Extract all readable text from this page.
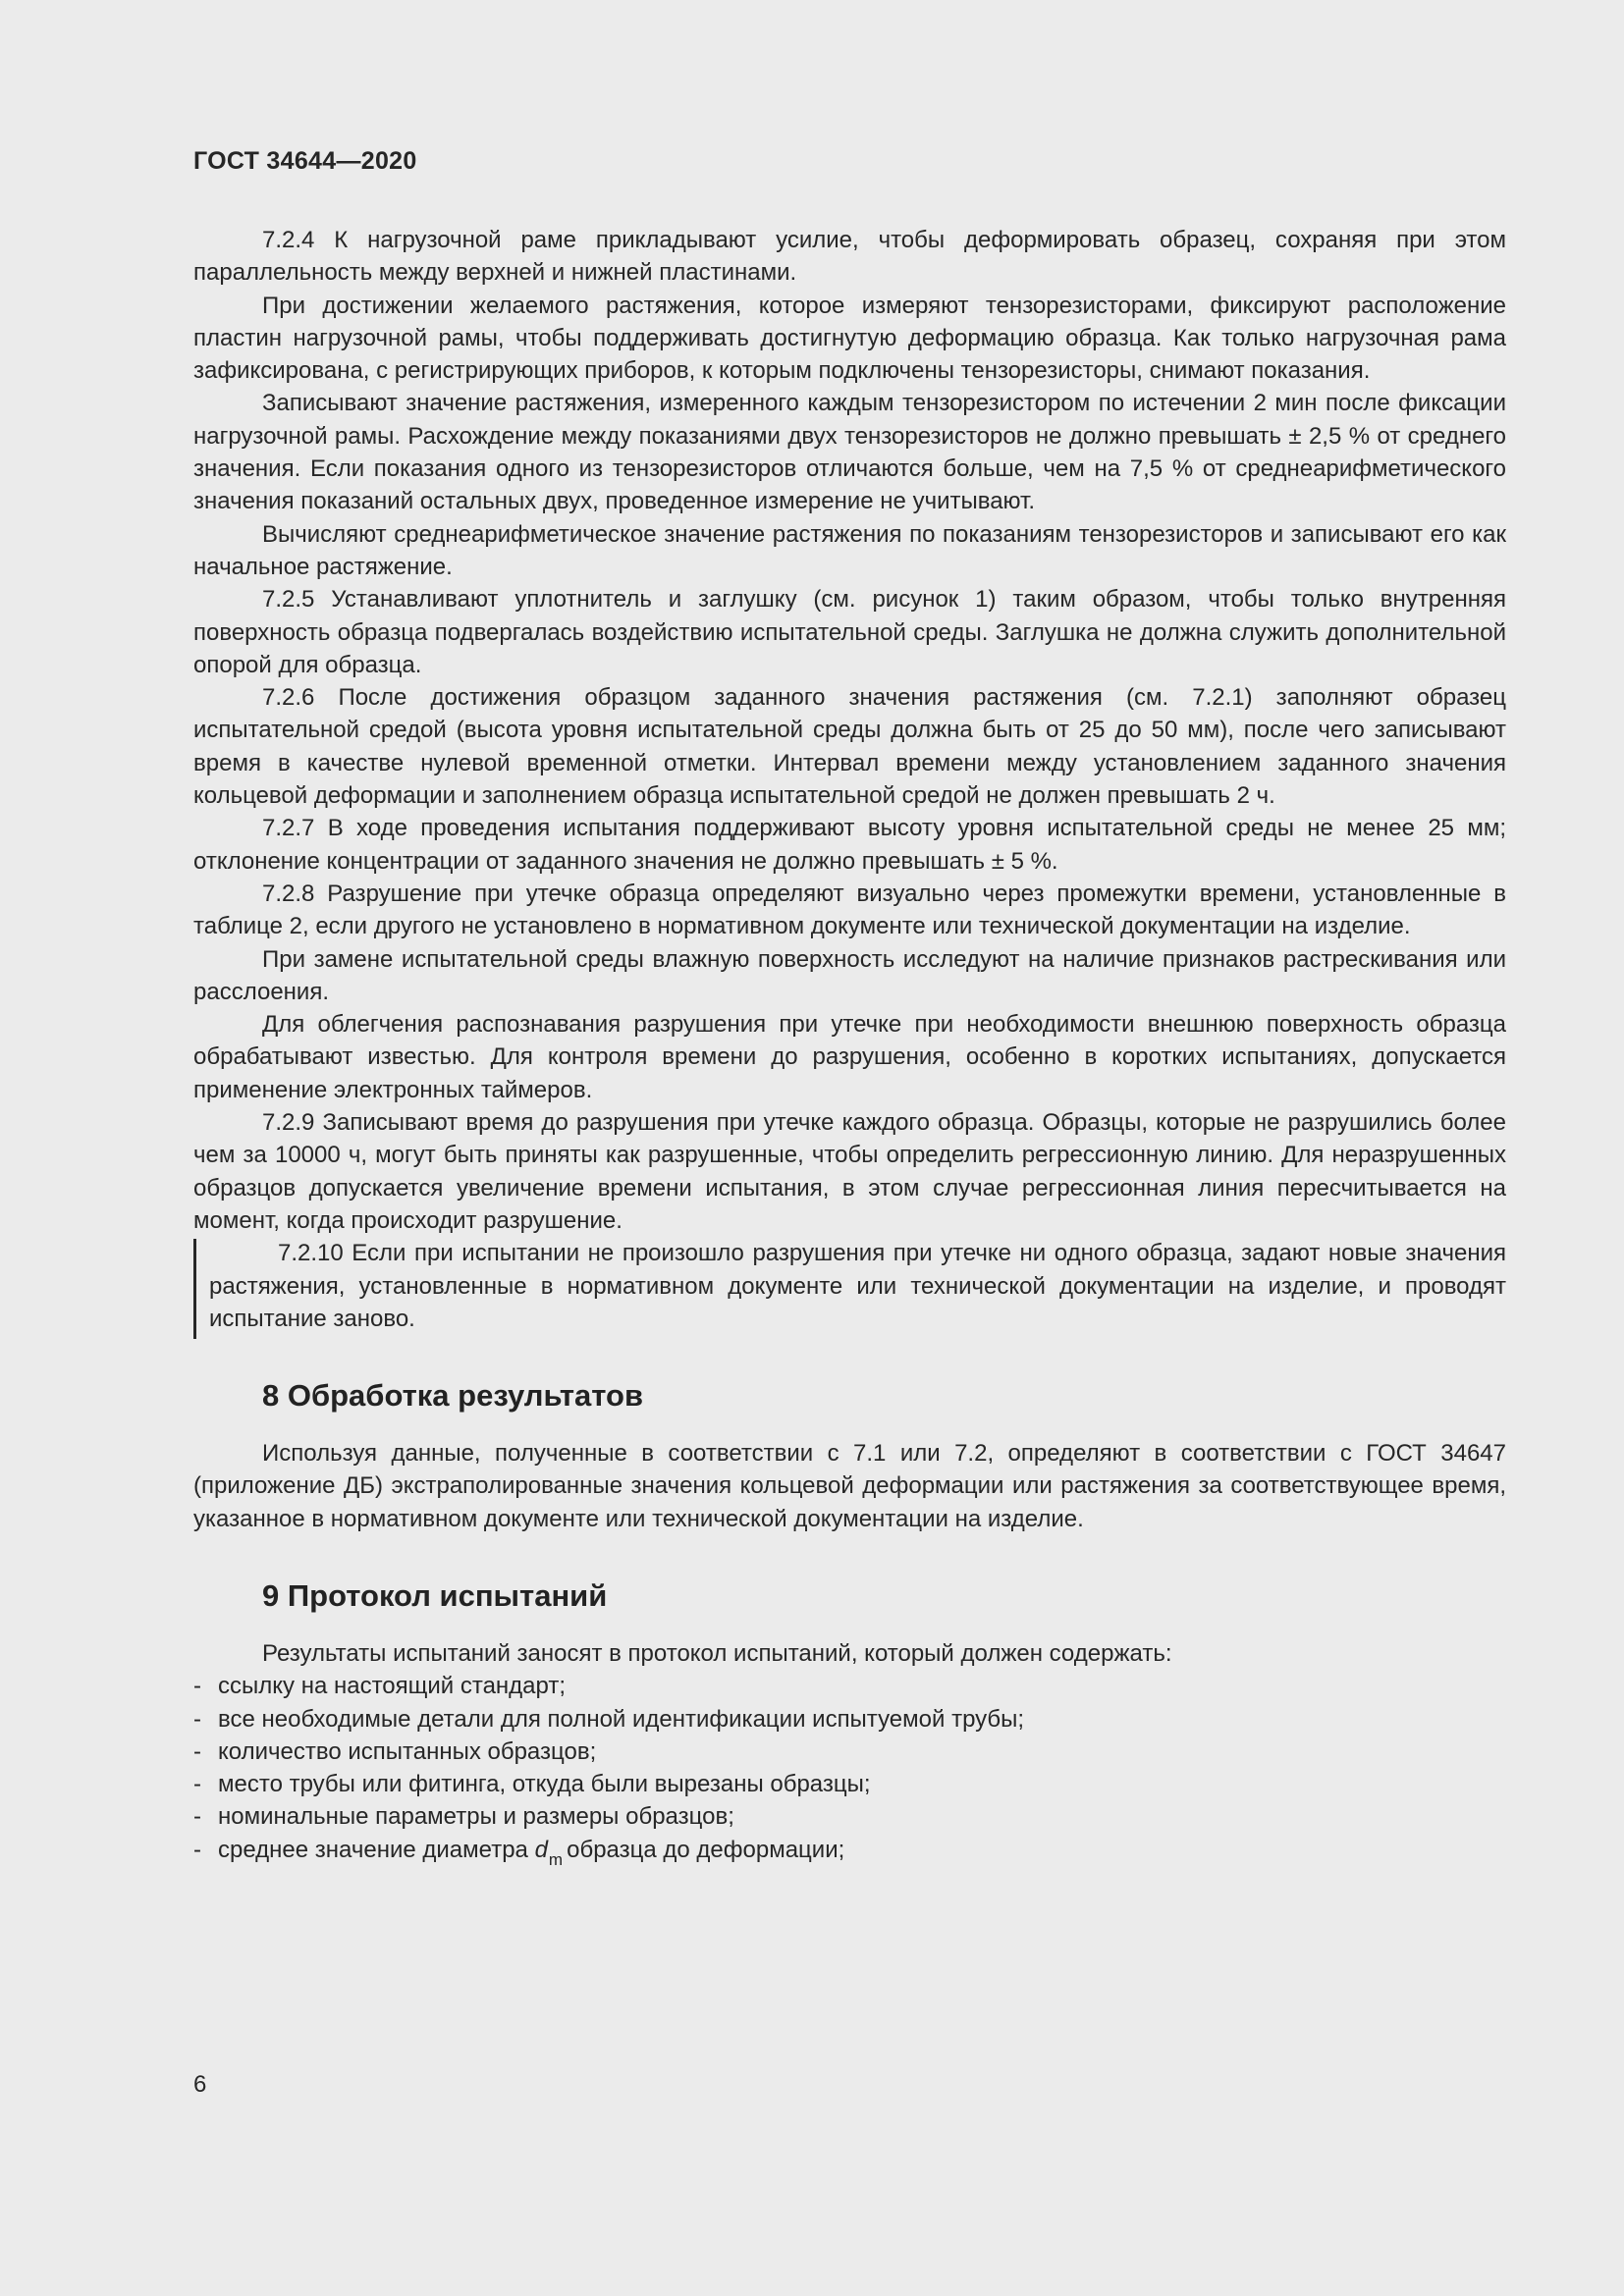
ГОСТ 34644—2020

7.2.4 К нагрузочной раме прикладывают усилие, чтобы деформировать образец, сохраняя при этом параллельность между верхней и нижней пластинами.

При достижении желаемого растяжения, которое измеряют тензорезисторами, фиксируют расположение пластин нагрузочной рамы, чтобы поддерживать достигнутую деформацию образца. Как только нагрузочная рама зафиксирована, с регистрирующих приборов, к которым подключены тензорезисторы, снимают показания.

Записывают значение растяжения, измеренного каждым тензорезистором по истечении 2 мин после фиксации нагрузочной рамы. Расхождение между показаниями двух тензорезисторов не должно превышать ± 2,5 % от среднего значения. Если показания одного из тензорезисторов отличаются больше, чем на 7,5 % от среднеарифметического значения показаний остальных двух, проведенное измерение не учитывают.

Вычисляют среднеарифметическое значение растяжения по показаниям тензорезисторов и записывают его как начальное растяжение.

7.2.5 Устанавливают уплотнитель и заглушку (см. рисунок 1) таким образом, чтобы только внутренняя поверхность образца подвергалась воздействию испытательной среды. Заглушка не должна служить дополнительной опорой для образца.

7.2.6 После достижения образцом заданного значения растяжения (см. 7.2.1) заполняют образец испытательной средой (высота уровня испытательной среды должна быть от 25 до 50 мм), после чего записывают время в качестве нулевой временной отметки. Интервал времени между установлением заданного значения кольцевой деформации и заполнением образца испытательной средой не должен превышать 2 ч.

7.2.7 В ходе проведения испытания поддерживают высоту уровня испытательной среды не менее 25 мм; отклонение концентрации от заданного значения не должно превышать ± 5 %.

7.2.8 Разрушение при утечке образца определяют визуально через промежутки времени, установленные в таблице 2, если другого не установлено в нормативном документе или технической документации на изделие.

При замене испытательной среды влажную поверхность исследуют на наличие признаков растрескивания или расслоения.

Для облегчения распознавания разрушения при утечке при необходимости внешнюю поверхность образца обрабатывают известью. Для контроля времени до разрушения, особенно в коротких испытаниях, допускается применение электронных таймеров.

7.2.9 Записывают время до разрушения при утечке каждого образца. Образцы, которые не разрушились более чем за 10000 ч, могут быть приняты как разрушенные, чтобы определить регрессионную линию. Для неразрушенных образцов допускается увеличение времени испытания, в этом случае регрессионная линия пересчитывается на момент, когда происходит разрушение.

7.2.10 Если при испытании не произошло разрушения при утечке ни одного образца, задают новые значения растяжения, установленные в нормативном документе или технической документации на изделие, и проводят испытание заново.

8 Обработка результатов

Используя данные, полученные в соответствии с 7.1 или 7.2, определяют в соответствии с ГОСТ 34647 (приложение ДБ) экстраполированные значения кольцевой деформации или растяжения за соответствующее время, указанное в нормативном документе или технической документации на изделие.

9 Протокол испытаний

Результаты испытаний заносят в протокол испытаний, который должен содержать:

- ссылку на настоящий стандарт;
- все необходимые детали для полной идентификации испытуемой трубы;
- количество испытанных образцов;
- место трубы или фитинга, откуда были вырезаны образцы;
- номинальные параметры и размеры образцов;
- среднее значение диаметра $d_m$ образца до деформации;
6
